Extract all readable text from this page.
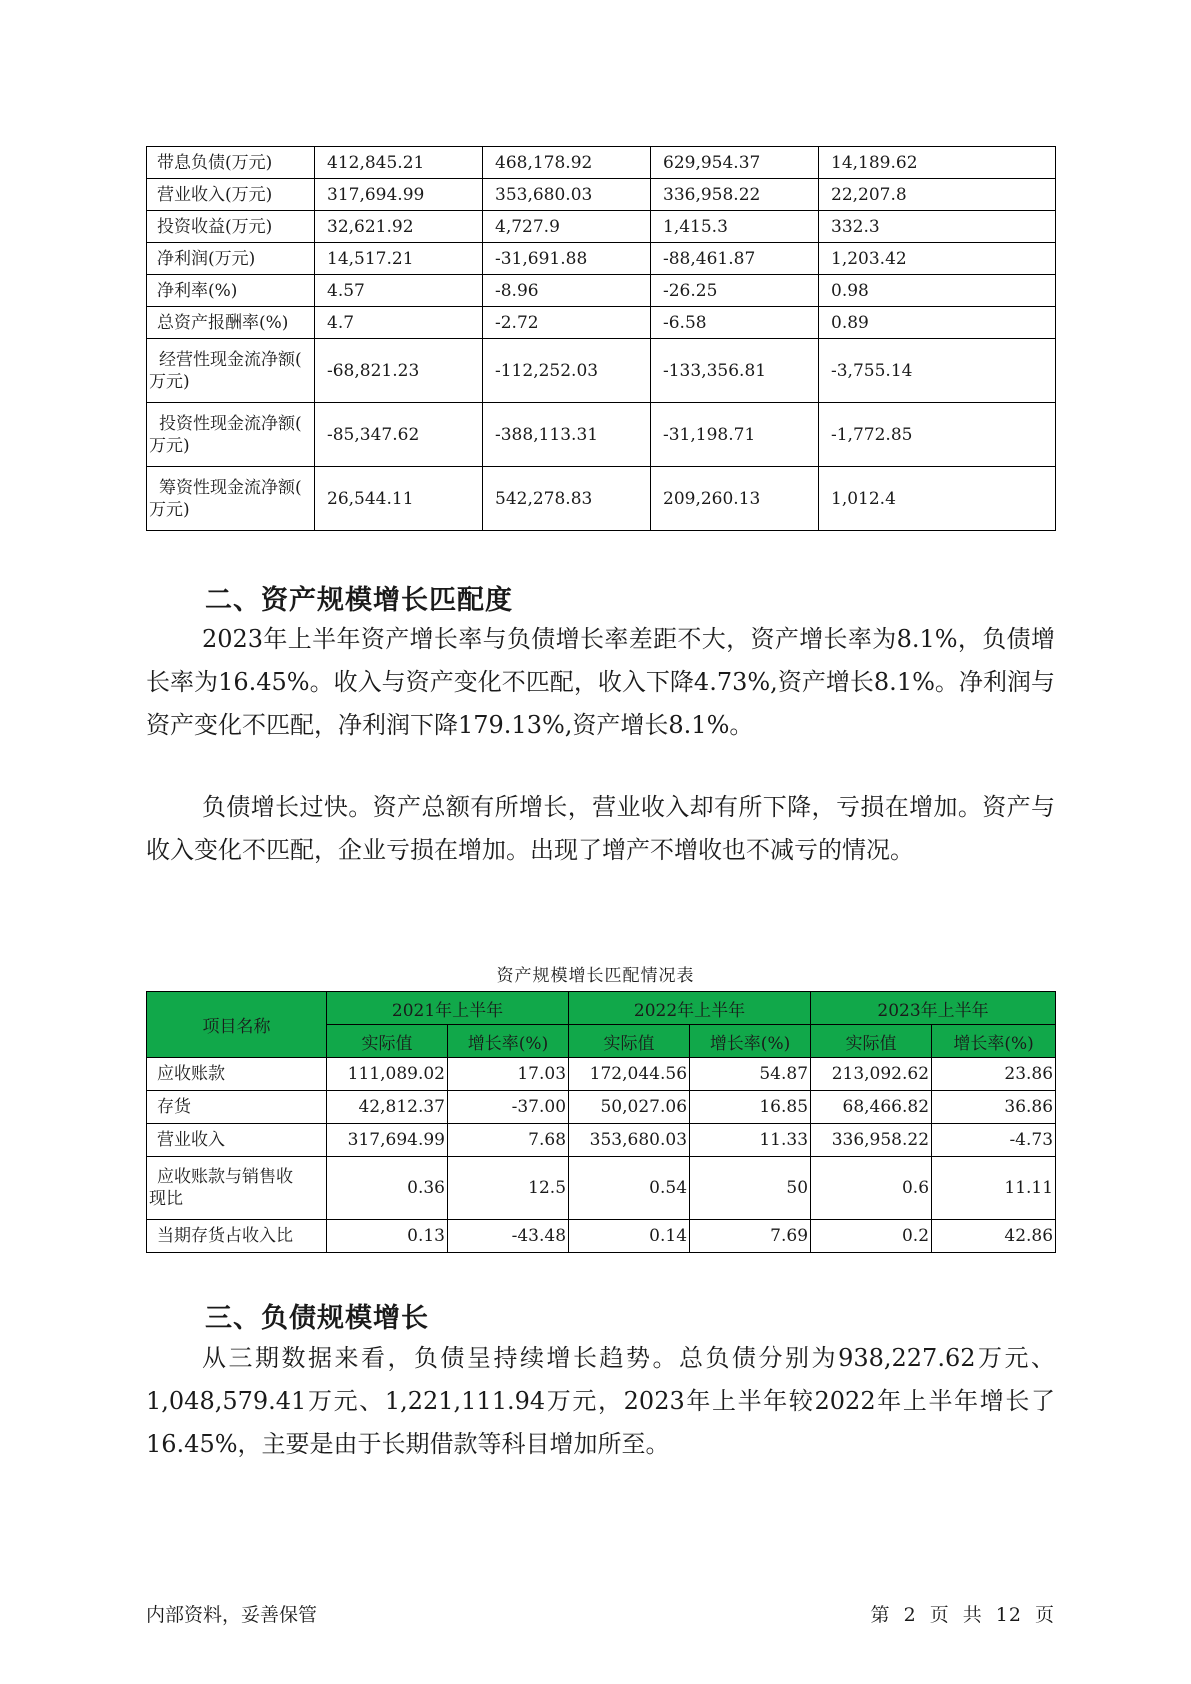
带息负债(万元)	412,845.21	468,178.92	629,954.37	14,189.62
营业收入(万元)	317,694.99	353,680.03	336,958.22	22,207.8
投资收益(万元)	32,621.92	4,727.9	1,415.3	332.3
净利润(万元)	14,517.21	-31,691.88	-88,461.87	1,203.42
净利率(%)	4.57	-8.96	-26.25	0.98
总资产报酬率(%)	4.7	-2.72	-6.58	0.89

经营性现金流净额(
万元)	-68,821.23	-112,252.03	-133,356.81	-3,755.14

投资性现金流净额(
万元)	-85,347.62	-388,113.31	-31,198.71	-1,772.85

筹资性现金流净额(
万元)	26,544.11	542,278.83	209,260.13	1,012.4
二、资产规模增长匹配度

2023年上半年资产增长率与负债增长率差距不大，资产增长率为8.1%，负债增长率为16.45%。收入与资产变化不匹配，收入下降4.73%,资产增长8.1%。净利润与资产变化不匹配，净利润下降179.13%,资产增长8.1%。

负债增长过快。资产总额有所增长，营业收入却有所下降，亏损在增加。资产与收入变化不匹配，企业亏损在增加。出现了增产不增收也不减亏的情况。

资产规模增长匹配情况表
项目名称	2021年上半年		2022年上半年		2023年上半年	
	实际值	增长率(%)	实际值	增长率(%)	实际值	增长率(%)
应收账款	111,089.02	17.03	172,044.56	54.87	213,092.62	23.86
存货	42,812.37	-37.00	50,027.06	16.85	68,466.82	36.86
营业收入	317,694.99	7.68	353,680.03	11.33	336,958.22	-4.73

应收账款与销售收
现比	0.36	12.5	0.54	50	0.6	11.11
当期存货占收入比	0.13	-43.48	0.14	7.69	0.2	42.86
三、负债规模增长

从三期数据来看，负债呈持续增长趋势。总负债分别为938,227.62万元、1,048,579.41万元、1,221,111.94万元，2023年上半年较2022年上半年增长了16.45%，主要是由于长期借款等科目增加所至。

内部资料，妥善保管	第 2 页 共 12 页
